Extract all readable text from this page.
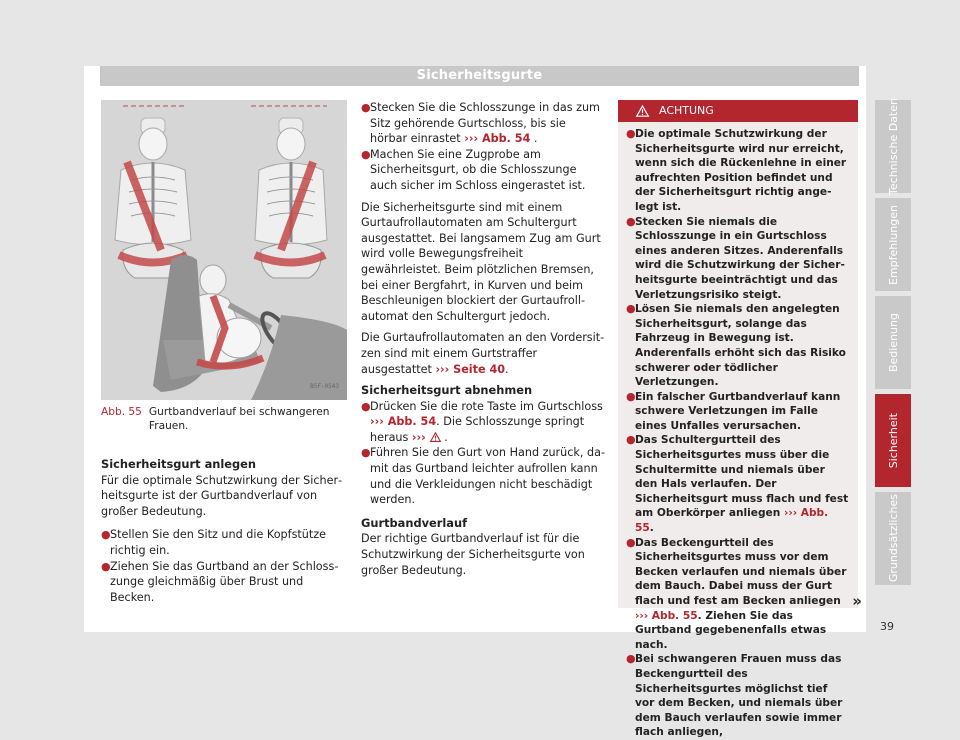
Sicherheitsgurte
B5F-0543
Abb. 55 Gurtbandverlauf bei schwangeren Frauen.
Sicherheitsgurt anlegen

Für die optimale Schutzwirkung der Sicherheitsgurte ist der Gurtbandverlauf von großer Bedeutung.

● Stellen Sie den Sitz und die Kopfstütze richtig ein.
● Ziehen Sie das Gurtband an der Schlosszunge gleichmäßig über Brust und Becken.
● Stecken Sie die Schlosszunge in das zum Sitz gehörende Gurtschloss, bis sie hörbar einrastet ››› Abb. 54 .
● Machen Sie eine Zugprobe am Sicherheitsgurt, ob die Schlosszunge auch sicher im Schloss eingerastet ist.

Die Sicherheitsgurte sind mit einem Gurtaufrollautomaten am Schultergurt ausgestattet. Bei langsamem Zug am Gurt wird volle Bewegungsfreiheit gewährleistet. Beim plötzlichen Bremsen, bei einer Bergfahrt, in Kurven und beim Beschleunigen blockiert der Gurtaufrollautomat den Schultergurt jedoch.

Die Gurtaufrollautomaten an den Vordersitzen sind mit einem Gurtstraffer ausgestattet ››› Seite 40.

Sicherheitsgurt abnehmen
● Drücken Sie die rote Taste im Gurtschloss ››› Abb. 54. Die Schlosszunge springt heraus ›››  .
● Führen Sie den Gurt von Hand zurück, damit das Gurtband leichter aufrollen kann und die Verkleidungen nicht beschädigt werden.
Gurtbandverlauf

Der richtige Gurtbandverlauf ist für die Schutzwirkung der Sicherheitsgurte von großer Bedeutung.

ACHTUNG
● Die optimale Schutzwirkung der Sicherheitsgurte wird nur erreicht, wenn sich die Rückenlehne in einer aufrechten Position befindet und der Sicherheitsgurt richtig angelegt ist.
● Stecken Sie niemals die Schlosszunge in ein Gurtschloss eines anderen Sitzes. Anderenfalls wird die Schutzwirkung der Sicherheitsgurte beeinträchtigt und das Verletzungsrisiko steigt.
● Lösen Sie niemals den angelegten Sicherheitsgurt, solange das Fahrzeug in Bewegung ist. Anderenfalls erhöht sich das Risiko schwerer oder tödlicher Verletzungen.
● Ein falscher Gurtbandverlauf kann schwere Verletzungen im Falle eines Unfalles verursachen.
● Das Schultergurtteil des Sicherheitsgurtes muss über die Schultermitte und niemals über den Hals verlaufen. Der Sicherheitsgurt muss flach und fest am Oberkörper anliegen ››› Abb. 55.
● Das Beckengurtteil des Sicherheitsgurtes muss vor dem Becken verlaufen und niemals über dem Bauch. Dabei muss der Gurt flach und fest am Becken anliegen ››› Abb. 55. Ziehen Sie das Gurtband gegebenenfalls etwas nach.
● Bei schwangeren Frauen muss das Beckengurtteil des Sicherheitsgurtes möglichst tief vor dem Becken, und niemals über dem Bauch verlaufen sowie immer flach anliegen,
»
Technische Daten
Empfehlungen
Bedienung
Sicherheit
Grundsätzliches
39
